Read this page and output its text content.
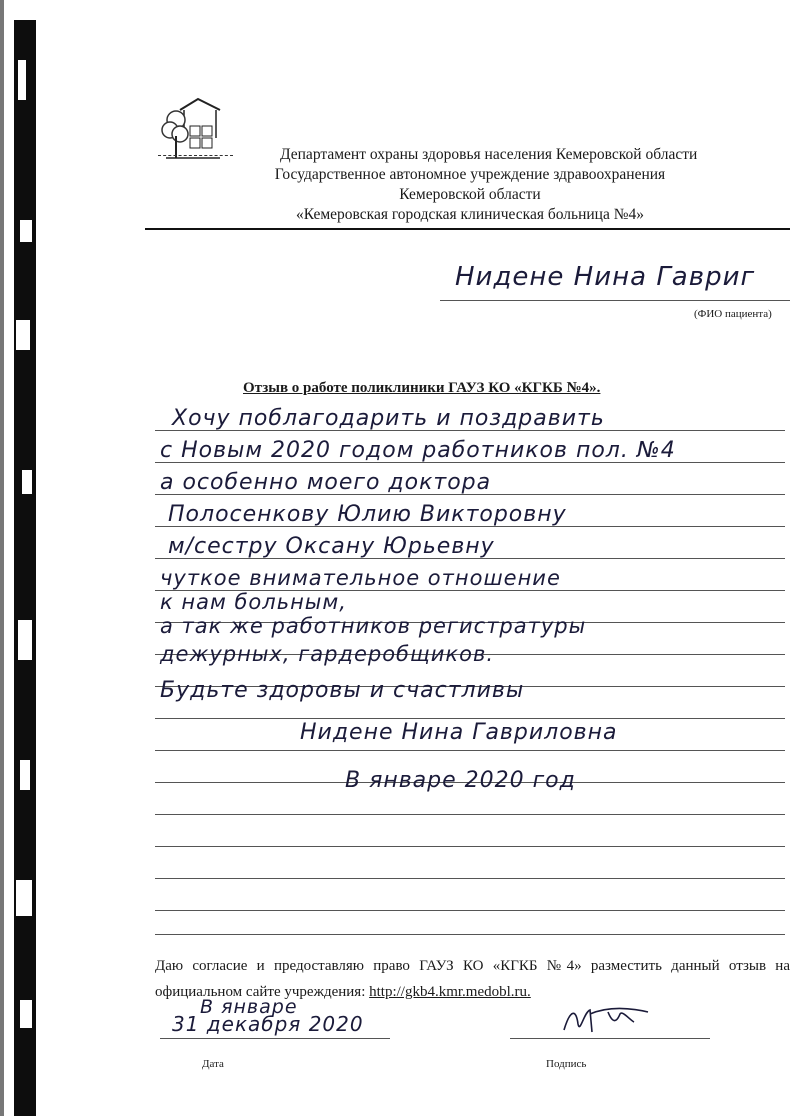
Департамент охраны здоровья населения Кемеровской области
Государственное автономное учреждение здравоохранения
Кемеровской области
«Кемеровская городская клиническая больница №4»
Нидене Нина Гавриг
(ФИО пациента)
Отзыв о работе поликлиники ГАУЗ КО «КГКБ №4».
Хочу поблагодарить и поздравить
с Новым 2020 годом работников пол. №4
а особенно моего доктора
Полосенкову Юлию Викторовну
м/сестру Оксану Юрьевну
чуткое внимательное отношение
к нам больным,
а так же работников регистратуры
дежурных, гардеробщиков.
Будьте здоровы и счастливы
Нидене Нина Гавриловна
В январе 2020 год
Даю согласие и предоставляю право ГАУЗ КО «КГКБ №4» разместить данный отзыв на официальном сайте учреждения: http://gkb4.kmr.medobl.ru.
В январе
31 декабря 2020
Дата	Подпись
